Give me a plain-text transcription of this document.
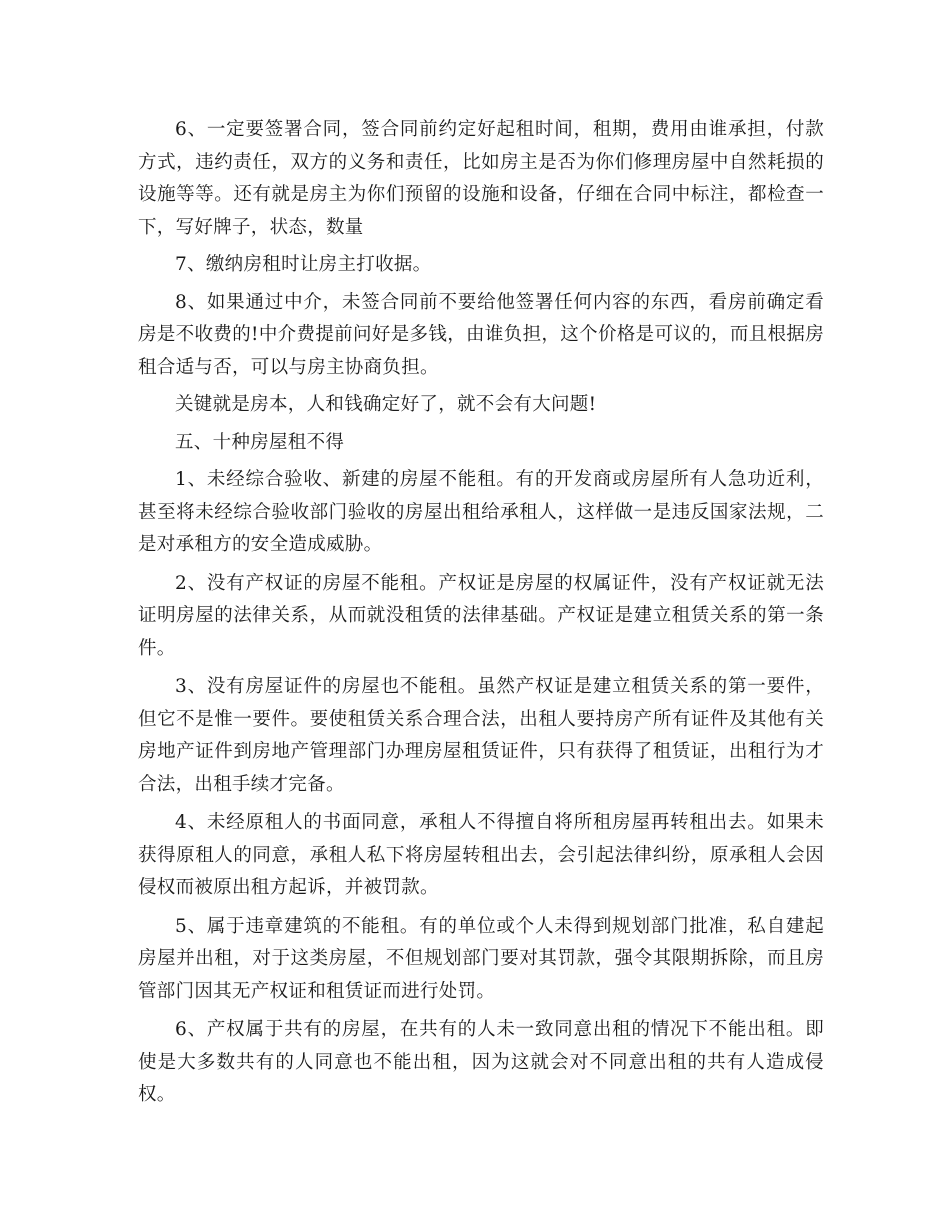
6、一定要签署合同，签合同前约定好起租时间，租期，费用由谁承担，付款方式，违约责任，双方的义务和责任，比如房主是否为你们修理房屋中自然耗损的设施等等。还有就是房主为你们预留的设施和设备，仔细在合同中标注，都检查一下，写好牌子，状态，数量

7、缴纳房租时让房主打收据。

8、如果通过中介，未签合同前不要给他签署任何内容的东西，看房前确定看房是不收费的!中介费提前问好是多钱，由谁负担，这个价格是可议的，而且根据房租合适与否，可以与房主协商负担。

关键就是房本，人和钱确定好了，就不会有大问题!

五、十种房屋租不得

1、未经综合验收、新建的房屋不能租。有的开发商或房屋所有人急功近利，甚至将未经综合验收部门验收的房屋出租给承租人，这样做一是违反国家法规，二是对承租方的安全造成威胁。

2、没有产权证的房屋不能租。产权证是房屋的权属证件，没有产权证就无法证明房屋的法律关系，从而就没租赁的法律基础。产权证是建立租赁关系的第一条件。

3、没有房屋证件的房屋也不能租。虽然产权证是建立租赁关系的第一要件，但它不是惟一要件。要使租赁关系合理合法，出租人要持房产所有证件及其他有关房地产证件到房地产管理部门办理房屋租赁证件，只有获得了租赁证，出租行为才合法，出租手续才完备。

4、未经原租人的书面同意，承租人不得擅自将所租房屋再转租出去。如果未获得原租人的同意，承租人私下将房屋转租出去，会引起法律纠纷，原承租人会因侵权而被原出租方起诉，并被罚款。

5、属于违章建筑的不能租。有的单位或个人未得到规划部门批准，私自建起房屋并出租，对于这类房屋，不但规划部门要对其罚款，强令其限期拆除，而且房管部门因其无产权证和租赁证而进行处罚。

6、产权属于共有的房屋，在共有的人未一致同意出租的情况下不能出租。即使是大多数共有的人同意也不能出租，因为这就会对不同意出租的共有人造成侵权。
